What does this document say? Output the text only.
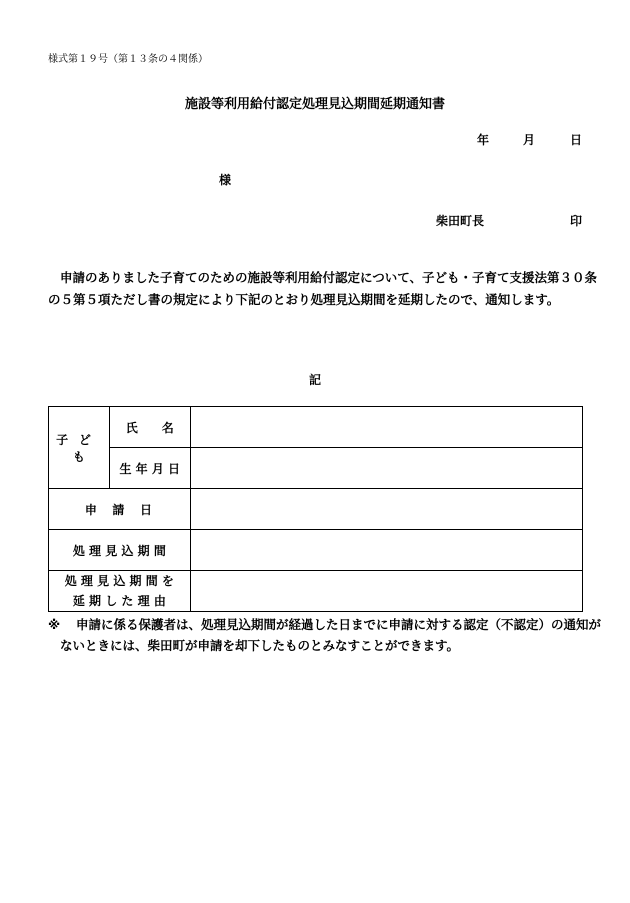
様式第１９号（第１３条の４関係）
施設等利用給付認定処理見込期間延期通知書
年	月	日
様
柴田町長	印

申請のありました子育てのための施設等利用給付認定について、子ども・子育て支援法第３０条

の５第５項ただし書の規定により下記のとおり処理見込期間を延期したので、通知します。

記
子ども	氏　　名	
	生年月日	
申　請　日		
処理見込期間		

処理見込期間を
延期した理由		

※ 申請に係る保護者は、処理見込期間が経過した日までに申請に対する認定（不認定）の通知が

ないときには、柴田町が申請を却下したものとみなすことができます。
